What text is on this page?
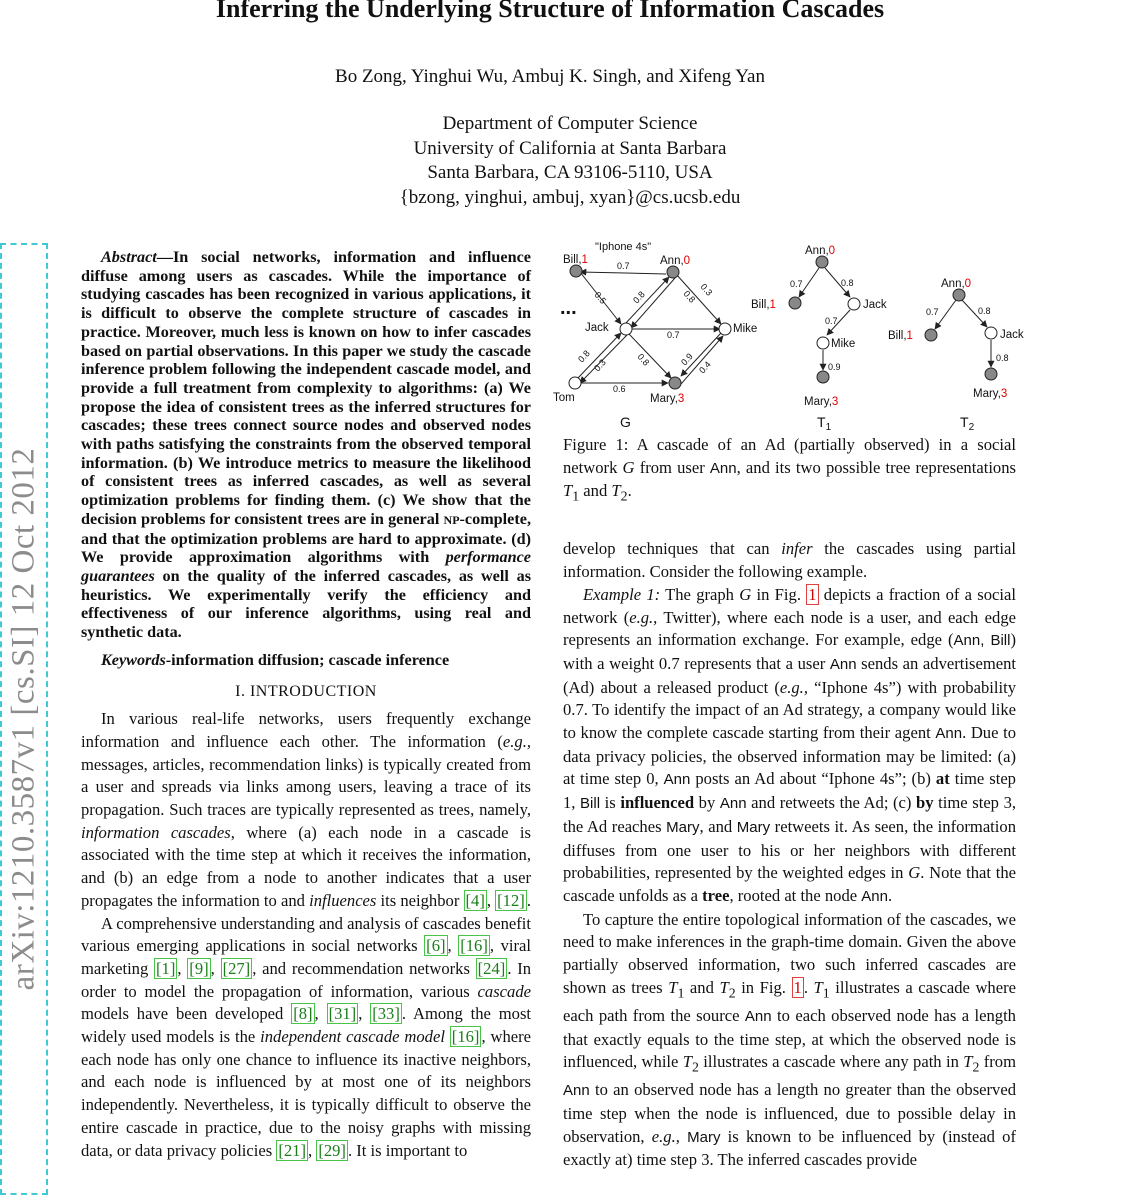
Inferring the Underlying Structure of Information Cascades
Bo Zong, Yinghui Wu, Ambuj K. Singh, and Xifeng Yan
Department of Computer Science
University of California at Santa Barbara
Santa Barbara, CA 93106-5110, USA
{bzong, yinghui, ambuj, xyan}@cs.ucsb.edu
arXiv:1210.3587v1 [cs.SI] 12 Oct 2012
Abstract—In social networks, information and influence diffuse among users as cascades. While the importance of studying cascades has been recognized in various applications, it is difficult to observe the complete structure of cascades in practice. Moreover, much less is known on how to infer cascades based on partial observations. In this paper we study the cascade inference problem following the independent cascade model, and provide a full treatment from complexity to algorithms: (a) We propose the idea of consistent trees as the inferred structures for cascades; these trees connect source nodes and observed nodes with paths satisfying the constraints from the observed temporal information. (b) We introduce metrics to measure the likelihood of consistent trees as inferred cascades, as well as several optimization problems for finding them. (c) We show that the decision problems for consistent trees are in general NP-complete, and that the optimization problems are hard to approximate. (d) We provide approximation algorithms with performance guarantees on the quality of the inferred cascades, as well as heuristics. We experimentally verify the efficiency and effectiveness of our inference algorithms, using real and synthetic data.
Keywords-information diffusion; cascade inference
I. INTRODUCTION

In various real-life networks, users frequently exchange information and influence each other. The information (e.g., messages, articles, recommendation links) is typically created from a user and spreads via links among users, leaving a trace of its propagation. Such traces are typically represented as trees, namely, information cascades, where (a) each node in a cascade is associated with the time step at which it receives the information, and (b) an edge from a node to another indicates that a user propagates the information to and influences its neighbor [4] , [12] .

A comprehensive understanding and analysis of cascades benefit various emerging applications in social networks [6] , [16] , viral marketing [1] , [9] , [27] , and recommendation networks [24] . In order to model the propagation of information, various cascade models have been developed [8] , [31] , [33] . Among the most widely used models is the independent cascade model [16] , where each node has only one chance to influence its inactive neighbors, and each node is influenced by at most one of its neighbors independently. Nevertheless, it is typically difficult to observe the entire cascade in practice, due to the noisy graphs with missing data, or data privacy policies [21] , [29] . It is important to

"Iphone 4s"
...
Bill,1	Ann,0
Jack	Mike
Tom	Mary,3
G
Ann,0
Bill,1	Jack
Mike
Mary,3
$T_1$
Ann,0
Bill,1	Jack
Mary,3
$T_2$
0.7
0.5	0.8	0.8 0.3
0.7
0.8
0.3	0.8	0.9
0.4
0.6
0.7	0.8
0.7
0.9
0.7	0.8
0.8
Figure 1: A cascade of an Ad (partially observed) in a social network G from user Ann, and its two possible tree representations $T_1$ and $T_2$.

develop techniques that can infer the cascades using partial information. Consider the following example.

Example 1: The graph G in Fig. 1 depicts a fraction of a social network (e.g., Twitter), where each node is a user, and each edge represents an information exchange. For example, edge (Ann, Bill) with a weight 0.7 represents that a user Ann sends an advertisement (Ad) about a released product (e.g., “Iphone 4s”) with probability 0.7. To identify the impact of an Ad strategy, a company would like to know the complete cascade starting from their agent Ann. Due to data privacy policies, the observed information may be limited: (a) at time step 0, Ann posts an Ad about “Iphone 4s”; (b) at time step 1, Bill is influenced by Ann and retweets the Ad; (c) by time step 3, the Ad reaches Mary, and Mary retweets it. As seen, the information diffuses from one user to his or her neighbors with different probabilities, represented by the weighted edges in G. Note that the cascade unfolds as a tree, rooted at the node Ann.

To capture the entire topological information of the cascades, we need to make inferences in the graph-time domain. Given the above partially observed information, two such inferred cascades are shown as trees $T_1$ and $T_2$ in Fig. 1 . $T_1$ illustrates a cascade where each path from the source Ann to each observed node has a length that exactly equals to the time step, at which the observed node is influenced, while $T_2$ illustrates a cascade where any path in $T_2$ from Ann to an observed node has a length no greater than the observed time step when the node is influenced, due to possible delay in observation, e.g., Mary is known to be influenced by (instead of exactly at) time step 3. The inferred cascades provide
